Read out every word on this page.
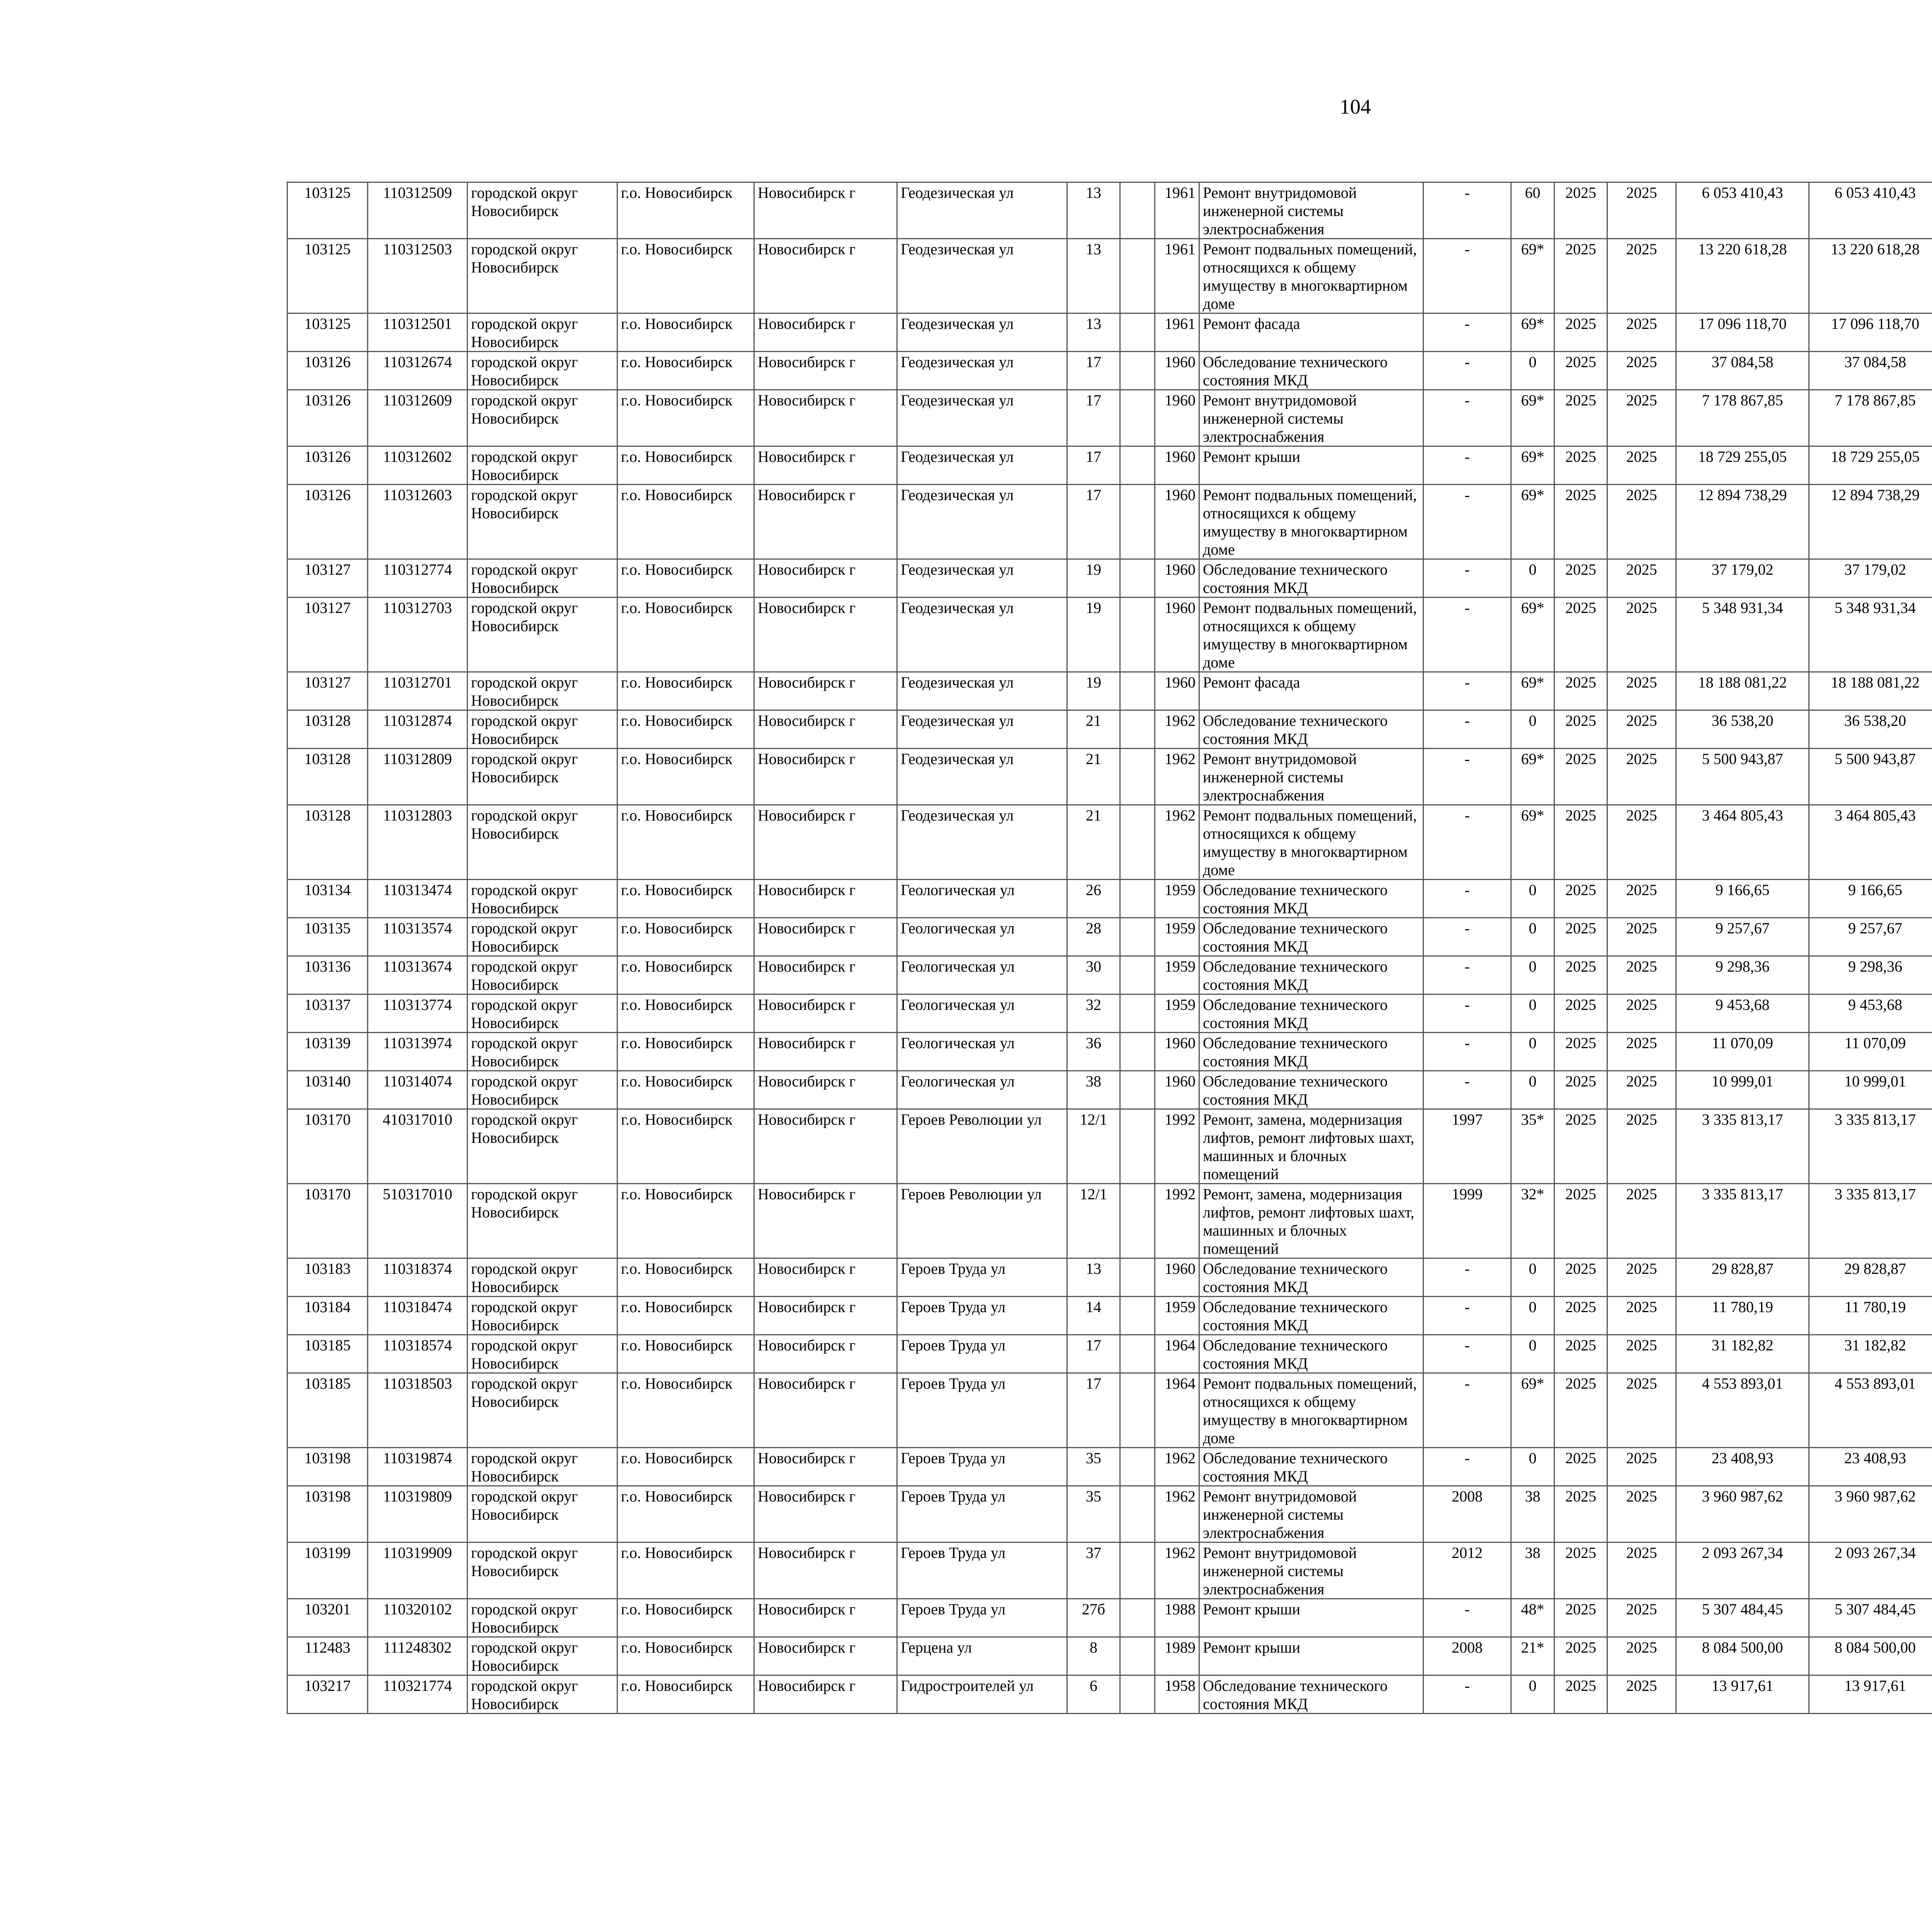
104
103125	110312509	городской округ Новосибирск	г.о. Новосибирск	Новосибирск г	Геодезическая ул	13		1961	Ремонт внутридомовой инженерной системы электроснабжения	-	60	2025	2025	6 053 410,43	6 053 410,43						
103125	110312503	городской округ Новосибирск	г.о. Новосибирск	Новосибирск г	Геодезическая ул	13		1961	Ремонт подвальных помещений, относящихся к общему имуществу в многоквартирном доме	-	69*	2025	2025	13 220 618,28	13 220 618,28						
103125	110312501	городской округ Новосибирск	г.о. Новосибирск	Новосибирск г	Геодезическая ул	13		1961	Ремонт фасада	-	69*	2025	2025	17 096 118,70	17 096 118,70						
103126	110312674	городской округ Новосибирск	г.о. Новосибирск	Новосибирск г	Геодезическая ул	17		1960	Обследование технического состояния МКД	-	0	2025	2025	37 084,58	37 084,58						
103126	110312609	городской округ Новосибирск	г.о. Новосибирск	Новосибирск г	Геодезическая ул	17		1960	Ремонт внутридомовой инженерной системы электроснабжения	-	69*	2025	2025	7 178 867,85	7 178 867,85						
103126	110312602	городской округ Новосибирск	г.о. Новосибирск	Новосибирск г	Геодезическая ул	17		1960	Ремонт крыши	-	69*	2025	2025	18 729 255,05	18 729 255,05						
103126	110312603	городской округ Новосибирск	г.о. Новосибирск	Новосибирск г	Геодезическая ул	17		1960	Ремонт подвальных помещений, относящихся к общему имуществу в многоквартирном доме	-	69*	2025	2025	12 894 738,29	12 894 738,29						
103127	110312774	городской округ Новосибирск	г.о. Новосибирск	Новосибирск г	Геодезическая ул	19		1960	Обследование технического состояния МКД	-	0	2025	2025	37 179,02	37 179,02						
103127	110312703	городской округ Новосибирск	г.о. Новосибирск	Новосибирск г	Геодезическая ул	19		1960	Ремонт подвальных помещений, относящихся к общему имуществу в многоквартирном доме	-	69*	2025	2025	5 348 931,34	5 348 931,34						
103127	110312701	городской округ Новосибирск	г.о. Новосибирск	Новосибирск г	Геодезическая ул	19		1960	Ремонт фасада	-	69*	2025	2025	18 188 081,22	18 188 081,22						
103128	110312874	городской округ Новосибирск	г.о. Новосибирск	Новосибирск г	Геодезическая ул	21		1962	Обследование технического состояния МКД	-	0	2025	2025	36 538,20	36 538,20						
103128	110312809	городской округ Новосибирск	г.о. Новосибирск	Новосибирск г	Геодезическая ул	21		1962	Ремонт внутридомовой инженерной системы электроснабжения	-	69*	2025	2025	5 500 943,87	5 500 943,87						
103128	110312803	городской округ Новосибирск	г.о. Новосибирск	Новосибирск г	Геодезическая ул	21		1962	Ремонт подвальных помещений, относящихся к общему имуществу в многоквартирном доме	-	69*	2025	2025	3 464 805,43	3 464 805,43						
103134	110313474	городской округ Новосибирск	г.о. Новосибирск	Новосибирск г	Геологическая ул	26		1959	Обследование технического состояния МКД	-	0	2025	2025	9 166,65	9 166,65						
103135	110313574	городской округ Новосибирск	г.о. Новосибирск	Новосибирск г	Геологическая ул	28		1959	Обследование технического состояния МКД	-	0	2025	2025	9 257,67	9 257,67						
103136	110313674	городской округ Новосибирск	г.о. Новосибирск	Новосибирск г	Геологическая ул	30		1959	Обследование технического состояния МКД	-	0	2025	2025	9 298,36	9 298,36						
103137	110313774	городской округ Новосибирск	г.о. Новосибирск	Новосибирск г	Геологическая ул	32		1959	Обследование технического состояния МКД	-	0	2025	2025	9 453,68	9 453,68						
103139	110313974	городской округ Новосибирск	г.о. Новосибирск	Новосибирск г	Геологическая ул	36		1960	Обследование технического состояния МКД	-	0	2025	2025	11 070,09	11 070,09						
103140	110314074	городской округ Новосибирск	г.о. Новосибирск	Новосибирск г	Геологическая ул	38		1960	Обследование технического состояния МКД	-	0	2025	2025	10 999,01	10 999,01						
103170	410317010	городской округ Новосибирск	г.о. Новосибирск	Новосибирск г	Героев Революции ул	12/1		1992	Ремонт, замена, модернизация лифтов, ремонт лифтовых шахт, машинных и блочных помещений	1997	35*	2025	2025	3 335 813,17	3 335 813,17						
103170	510317010	городской округ Новосибирск	г.о. Новосибирск	Новосибирск г	Героев Революции ул	12/1		1992	Ремонт, замена, модернизация лифтов, ремонт лифтовых шахт, машинных и блочных помещений	1999	32*	2025	2025	3 335 813,17	3 335 813,17						
103183	110318374	городской округ Новосибирск	г.о. Новосибирск	Новосибирск г	Героев Труда ул	13		1960	Обследование технического состояния МКД	-	0	2025	2025	29 828,87	29 828,87						
103184	110318474	городской округ Новосибирск	г.о. Новосибирск	Новосибирск г	Героев Труда ул	14		1959	Обследование технического состояния МКД	-	0	2025	2025	11 780,19	11 780,19						
103185	110318574	городской округ Новосибирск	г.о. Новосибирск	Новосибирск г	Героев Труда ул	17		1964	Обследование технического состояния МКД	-	0	2025	2025	31 182,82	31 182,82						
103185	110318503	городской округ Новосибирск	г.о. Новосибирск	Новосибирск г	Героев Труда ул	17		1964	Ремонт подвальных помещений, относящихся к общему имуществу в многоквартирном доме	-	69*	2025	2025	4 553 893,01	4 553 893,01						
103198	110319874	городской округ Новосибирск	г.о. Новосибирск	Новосибирск г	Героев Труда ул	35		1962	Обследование технического состояния МКД	-	0	2025	2025	23 408,93	23 408,93						
103198	110319809	городской округ Новосибирск	г.о. Новосибирск	Новосибирск г	Героев Труда ул	35		1962	Ремонт внутридомовой инженерной системы электроснабжения	2008	38	2025	2025	3 960 987,62	3 960 987,62						
103199	110319909	городской округ Новосибирск	г.о. Новосибирск	Новосибирск г	Героев Труда ул	37		1962	Ремонт внутридомовой инженерной системы электроснабжения	2012	38	2025	2025	2 093 267,34	2 093 267,34						
103201	110320102	городской округ Новосибирск	г.о. Новосибирск	Новосибирск г	Героев Труда ул	27б		1988	Ремонт крыши	-	48*	2025	2025	5 307 484,45	5 307 484,45						
112483	111248302	городской округ Новосибирск	г.о. Новосибирск	Новосибирск г	Герцена ул	8		1989	Ремонт крыши	2008	21*	2025	2025	8 084 500,00	8 084 500,00						
103217	110321774	городской округ Новосибирск	г.о. Новосибирск	Новосибирск г	Гидростроителей ул	6		1958	Обследование технического состояния МКД	-	0	2025	2025	13 917,61	13 917,61						
